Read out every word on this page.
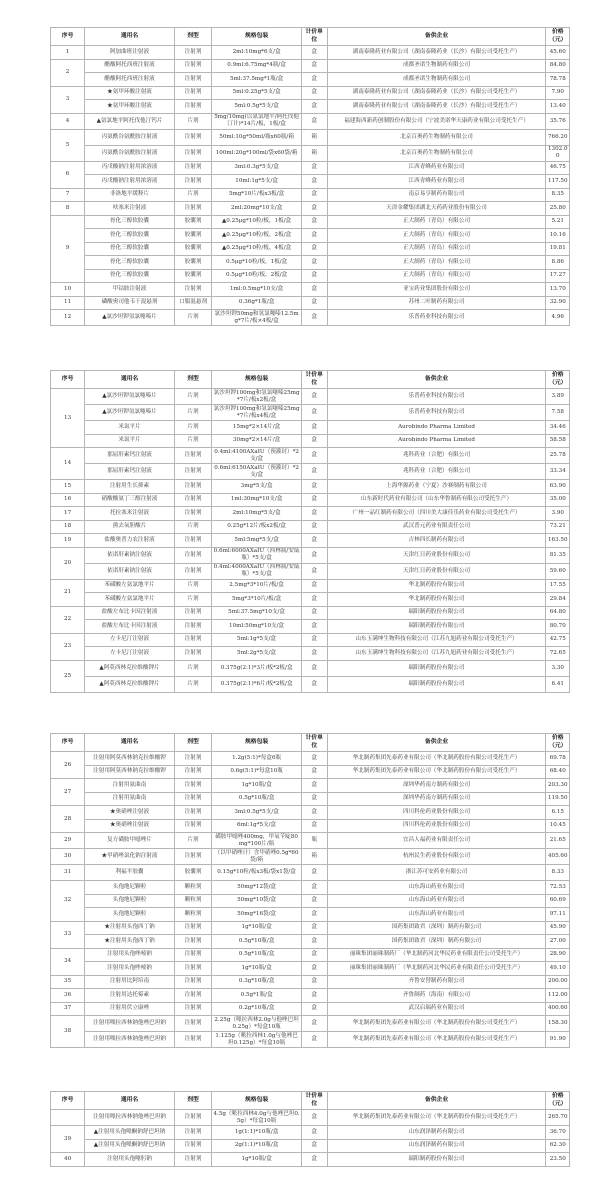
序号	通用名	剂型	规格包装	计价单位	备供企业	价格（元）
1	阿加曲班注射液	注射剂	2ml:10mg*6支/盒	盒	湖南泰隆药业有限公司（湖南泰隆药业（长沙）有限公司受托生产）	45.60
2	醋酸阿托西班注射液	注射剂	0.9ml:6.75mg*4瓶/盒	盒	成都圣诺生物制药有限公司	84.80
	醋酸阿托西班注射液	注射剂	5ml:37.5mg*1瓶/盒	盒	成都圣诺生物制药有限公司	78.78
3	★氨甲环酸注射液	注射剂	5ml:0.25g*5支/盒	盒	湖南泰隆药业有限公司（湖南泰隆药业（长沙）有限公司受托生产）	7.90
	★氨甲环酸注射液	注射剂	5ml:0.5g*5支/盒	盒	湖南泰隆药业有限公司（湖南泰隆药业（长沙）有限公司受托生产）	13.40
4	▲氨氯地平阿托伐他汀钙片	片剂	5mg/10mg(以氨氯地平/阿托伐他汀计)*14片/板，1板/盒	盒	福建海西新药创制股份有限公司（宁波美诺华天康药业有限公司受托生产）	35.76
5	丙氨酰谷氨酰胺注射液	注射剂	50ml:10g*50ml/瓶x60瓶/箱	箱	北京百奥药生物制药有限公司	766.20
	丙氨酰谷氨酰胺注射液	注射剂	100ml:20g*100ml/袋x60袋/箱	箱	北京百奥药生物制药有限公司	1302.00
6	丙戊酸钠注射用浓溶液	注射剂	3ml:0.3g*5支/盒	盒	江西青峰药业有限公司	46.75
	丙戊酸钠注射用浓溶液	注射剂	10ml:1g*5支/盒	盒	江西青峰药业有限公司	117.50
7	非洛地平缓释片	片剂	5mg*10片/板x3板/盒	盒	南京易亨制药有限公司	8.35
8	呋塞米注射液	注射剂	2ml:20mg*10支/盒	盒	天津金耀集团湖北天药药业股份有限公司	25.80
9	骨化三醇软胶囊	胶囊剂	▲0.25μg*10粒/板，1板/盒	盒	正大制药（青岛）有限公司	5.21
	骨化三醇软胶囊	胶囊剂	▲0.25μg*10粒/板，2板/盒	盒	正大制药（青岛）有限公司	10.16
	骨化三醇软胶囊	胶囊剂	▲0.25μg*10粒/板，4板/盒	盒	正大制药（青岛）有限公司	19.81
	骨化三醇软胶囊	胶囊剂	0.5μg*10粒/板，1板/盒	盒	正大制药（青岛）有限公司	8.86
	骨化三醇软胶囊	胶囊剂	0.5μg*10粒/板，2板/盒	盒	正大制药（青岛）有限公司	17.27
10	甲钴胺注射液	注射剂	1ml:0.5mg*10支/盒	盒	亚宝药业集团股份有限公司	13.70
11	磷酸奥司他韦干混悬剂	口服混悬剂	0.36g*1瓶/盒	盒	苏州二叶制药有限公司	32.90
12	▲氯沙坦钾氢氯噻嗪片	片剂	氯沙坦钾50mg和氢氯噻嗪12.5mg*7片/板×4板/盒	盒	乐普药业科技有限公司	4.96
序号	通用名	剂型	规格包装	计价单位	备供企业	价格（元）
13	▲氯沙坦钾氢氯噻嗪片	片剂	氯沙坦钾100mg和氢氯噻嗪25mg*7片/板x2板/盒	盒	乐普药业科技有限公司	3.89
	▲氯沙坦钾氢氯噻嗪片	片剂	氯沙坦钾100mg和氢氯噻嗪25mg*7片/板x4板/盒	盒	乐普药业科技有限公司	7.58
	米氮平片	片剂	15mg*2×14片/盒	盒	Aurobindo Pharma Limited	34.46
	米氮平片	片剂	30mg*2×14片/盒	盒	Aurobindo Pharma Limited	58.58
14	那屈肝素钙注射液	注射剂	0.4ml:4100AXaIU（预灌封）*2支/盒	盒	兆科药业（合肥）有限公司	25.78
	那屈肝素钙注射液	注射剂	0.6ml:6150AXaIU（预灌封）*2支/盒	盒	兆科药业（合肥）有限公司	33.34
15	注射用生长抑素	注射剂	3mg*5支/盒	盒	上海华源药业（宁夏）沙赛制药有限公司	63.90
16	硝酸酸氨丁三醇注射液	注射剂	1ml:30mg*10支/盒	盒	山东新时代药业有限公司（山东华鲁制药有限公司受托生产）	35.00
17	托拉塞米注射液	注射剂	2ml:10mg*5支/盒	盒	广州一品红制药有限公司（四川美大康佳乐药业有限公司受托生产）	3.90
18	熊去氧胆酸片	片剂	0.25g*12片/板x2板/盒	盒	武汉普元药业有限责任公司	73.21
19	盐酸奥普力农注射液	注射剂	5ml:5mg*5支/盒	盒	吉林四长制药有限公司	163.50
20	依诺肝素钠注射液	注射剂	0.6ml:6000AXaIU（西林瓶/安瓿瓶）*5支/盒	盒	天津红日药业股份有限公司	81.35
	依诺肝素钠注射液	注射剂	0.4ml:4000AXaIU（西林瓶/安瓿瓶）*5支/盒	盒	天津红日药业股份有限公司	59.60
21	苯磺酸左氨氯地平片	片剂	2.5mg*3*10片/板/盒	盒	华北制药股份有限公司	17.55
	苯磺酸左氨氯地平片	片剂	5mg*3*10片/板/盒	盒	华北制药股份有限公司	29.84
22	盐酸左布比卡因注射液	注射剂	5ml:37.5mg*10支/盒	盒	瑞阳制药股份有限公司	64.80
	盐酸左布比卡因注射液	注射剂	10ml:50mg*10支/盒	盒	瑞阳制药股份有限公司	80.70
23	左卡尼汀注射液	注射剂	5ml:1g*5支/盒	盒	山东玉满坤生物科技有限公司（江苏九旭药业有限公司受托生产）	42.75
	左卡尼汀注射液	注射剂	5ml:2g*5支/盒	盒	山东玉满坤生物科技有限公司（江苏九旭药业有限公司受托生产）	72.65
25	▲阿莫西林克拉维酸钾片	片剂	0.375g(2:1)*3片/板*2板/盒	盒	瑞阳制药股份有限公司	3.30
	▲阿莫西林克拉维酸钾片	片剂	0.375g(2:1)*6片/板*2板/盒	盒	瑞阳制药股份有限公司	6.41
序号	通用名	剂型	规格包装	计价单位	备供企业	价格（元）
26	注射用阿莫西林钠克拉维酸钾	注射剂	1.2g(5:1)*每盒6瓶	盒	华北制药集团先泰药业有限公司（华北制药股份有限公司受托生产）	69.78
	注射用阿莫西林钠克拉维酸钾	注射剂	0.6g(5:1)*每盒10瓶	盒	华北制药集团先泰药业有限公司（华北制药股份有限公司受托生产）	68.40
27	注射用氨曲南	注射剂	1g*10瓶/盒	盒	深圳华药南方制药有限公司	203.30
	注射用氨曲南	注射剂	0.5g*10瓶/盒	盒	深圳华药南方制药有限公司	119.50
28	★奥硝唑注射液	注射剂	3ml:0.5g*5支/盒	盒	四川科伦药业股份有限公司	6.15
	★奥硝唑注射液	注射剂	6ml:1g*5支/盒	盒	四川科伦药业股份有限公司	10.45
29	复方磺胺甲噁唑片	片剂	磺胺甲噁唑400mg，甲氧苄啶80mg*100片/瓶	瓶	宜昌人福药业有限责任公司	21.65
30	★甲硝唑氯化钠注射液	注射剂	（以甲硝唑计）含甲硝唑0.5g*60袋/箱	箱	杭州民生药业股份有限公司	405.60
31	利福平胶囊	胶囊剂	0.15g*10粒/板x3板/袋x1袋/盒	盒	浙江苏可安药业有限公司	8.33
32	头孢地尼颗粒	颗粒剂	50mg*12袋/盒	盒	山东海山药业有限公司	72.53
	头孢地尼颗粒	颗粒剂	50mg*10袋/盒	盒	山东海山药业有限公司	60.69
	头孢地尼颗粒	颗粒剂	50mg*16袋/盒	盒	山东海山药业有限公司	97.11
33	★注射用头孢西丁钠	注射剂	1g*10瓶/盒	盒	国药集团致君（深圳）制药有限公司	45.90
	★注射用头孢西丁钠	注射剂	0.5g*10瓶/盒	盒	国药集团致君（深圳）制药有限公司	27.00
34	注射用头孢唑嘧钠	注射剂	0.5g*10瓶/盒	盒	丽珠集团丽珠制药厂（华北制药河北华民药业有限责任公司受托生产）	28.90
	注射用头孢唑嘧钠	注射剂	1g*10瓶/盒	盒	丽珠集团丽珠制药厂（华北制药河北华民药业有限责任公司受托生产）	49.10
35	注射用比阿培南	注射剂	0.3g*10瓶/盒	盒	齐鲁安替制药有限公司	200.00
36	注射用达托霉素	注射剂	0.5g*1瓶/盒	盒	齐鲁制药（海南）有限公司	112.00
37	注射用伏立康唑	注射剂	0.2g*10瓶/盒	盒	武汉启瑞药业有限公司	400.60
38	注射用哌拉西林钠他唑巴坦钠	注射剂	2.25g（哌拉西林2.0g与他唑巴坦0.25g）*每盒10瓶	盒	华北制药集团先泰药业有限公司（华北制药股份有限公司受托生产）	158.30
	注射用哌拉西林钠他唑巴坦钠	注射剂	1.125g（哌拉西林1.0g与他唑巴坦0.125g）*每盒10瓶	盒	华北制药集团先泰药业有限公司（华北制药股份有限公司受托生产）	91.90
序号	通用名	剂型	规格包装	计价单位	备供企业	价格（元）
	注射用哌拉西林钠他唑巴坦钠	注射剂	4.5g（哌拉西林4.0g与他唑巴坦0.5g）*每盒10瓶	盒	华北制药集团先泰药业有限公司（华北制药股份有限公司受托生产）	265.70
39	▲注射用头孢哌酮钠舒巴坦钠	注射剂	1g(1:1)*10瓶/盒	盒	山东润泽制药有限公司	36.70
	▲注射用头孢哌酮钠舒巴坦钠	注射剂	2g(1:1)*10瓶/盒	盒	山东润泽制药有限公司	62.30
40	注射用头孢噻肟钠	注射剂	1g*10瓶/盒	盒	瑞阳制药股份有限公司	23.50
